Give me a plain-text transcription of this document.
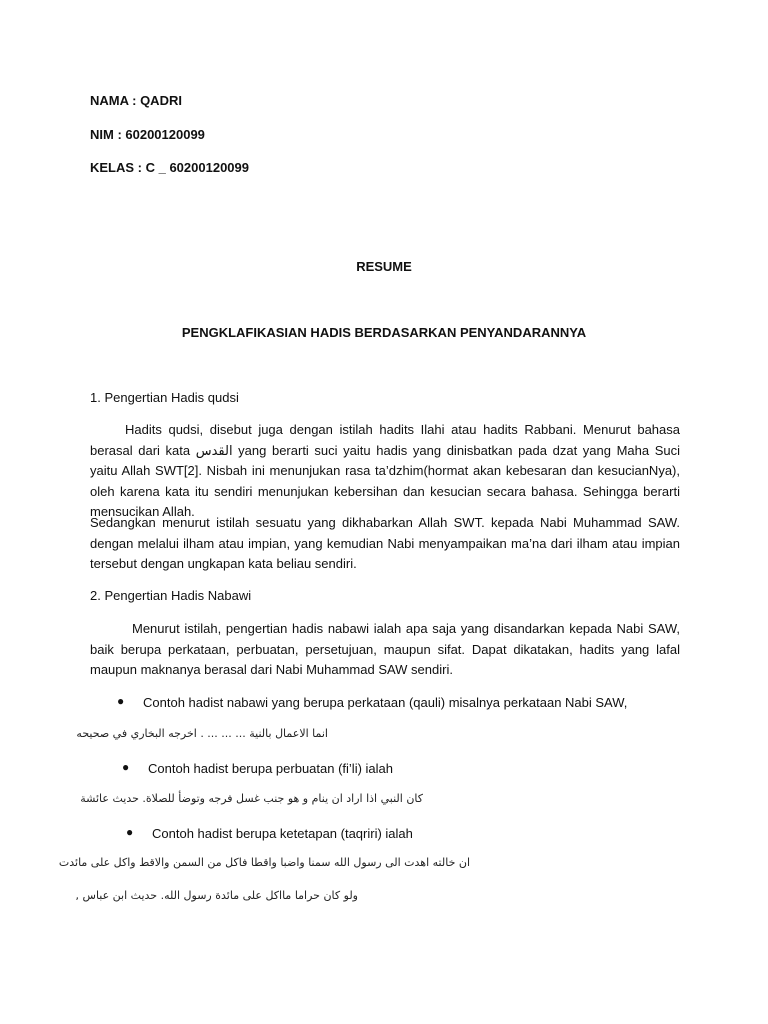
NAMA : QADRI
NIM : 60200120099
KELAS : C _ 60200120099
RESUME
PENGKLAFIKASIAN HADIS BERDASARKAN PENYANDARANNYA
1. Pengertian Hadis qudsi
Hadits qudsi, disebut juga dengan istilah hadits Ilahi atau hadits Rabbani. Menurut bahasa berasal dari kata القدس yang berarti suci yaitu hadis yang dinisbatkan pada dzat yang Maha Suci yaitu Allah SWT[2]. Nisbah ini menunjukan rasa ta’dzhim(hormat akan kebesaran dan kesucianNya), oleh karena kata itu sendiri menunjukan kebersihan dan kesucian secara bahasa. Sehingga berarti mensucikan Allah.
Sedangkan menurut istilah sesuatu yang dikhabarkan Allah SWT. kepada Nabi Muhammad SAW. dengan melalui ilham atau impian, yang kemudian Nabi menyampaikan ma’na dari ilham atau impian tersebut dengan ungkapan kata beliau sendiri.
2. Pengertian Hadis Nabawi
Menurut istilah, pengertian hadis nabawi ialah apa saja yang disandarkan kepada Nabi SAW, baik berupa perkataan, perbuatan, persetujuan, maupun sifat. Dapat dikatakan, hadits yang lafal maupun maknanya berasal dari Nabi Muhammad SAW sendiri.
● Contoh hadist nabawi yang berupa perkataan (qauli) misalnya perkataan Nabi SAW,
انما الاعمال بالنية ... ... ... . اخرجه البخاري في صحيحه
● Contoh hadist berupa perbuatan (fi’li) ialah
كان النبي اذا اراد ان ينام و هو جنب غسل فرجه وتوضأ للصلاة. حديث عائشة
● Contoh hadist berupa ketetapan (taqriri) ialah
ان خالته اهدت الى رسول الله سمنا واضبا واقطا فاكل من السمن والاقط واكل على مائدت
ولو كان حراما مااكل على مائدة رسول الله. حديث ابن عباس ,
